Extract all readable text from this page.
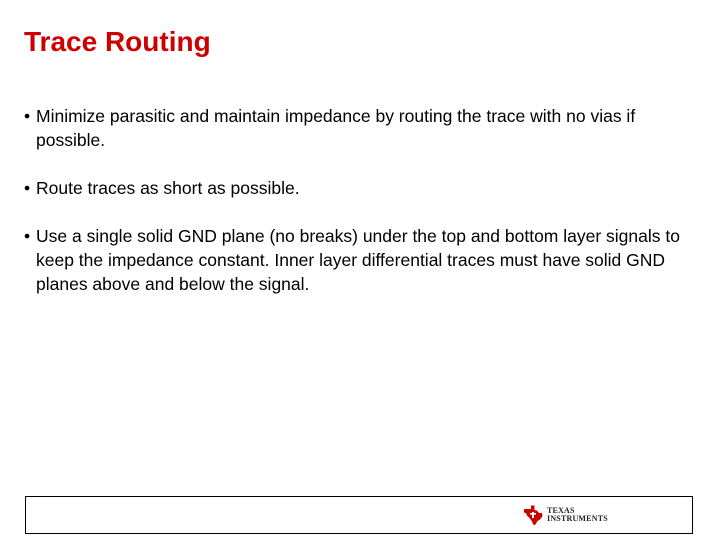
Trace Routing
• Minimize parasitic and maintain impedance by routing the trace with no vias if possible.
• Route traces as short as possible.
• Use a single solid GND plane (no breaks) under the top and bottom layer signals to keep the impedance constant. Inner layer differential traces must have solid GND planes above and below the signal.
TEXAS
INSTRUMENTS
